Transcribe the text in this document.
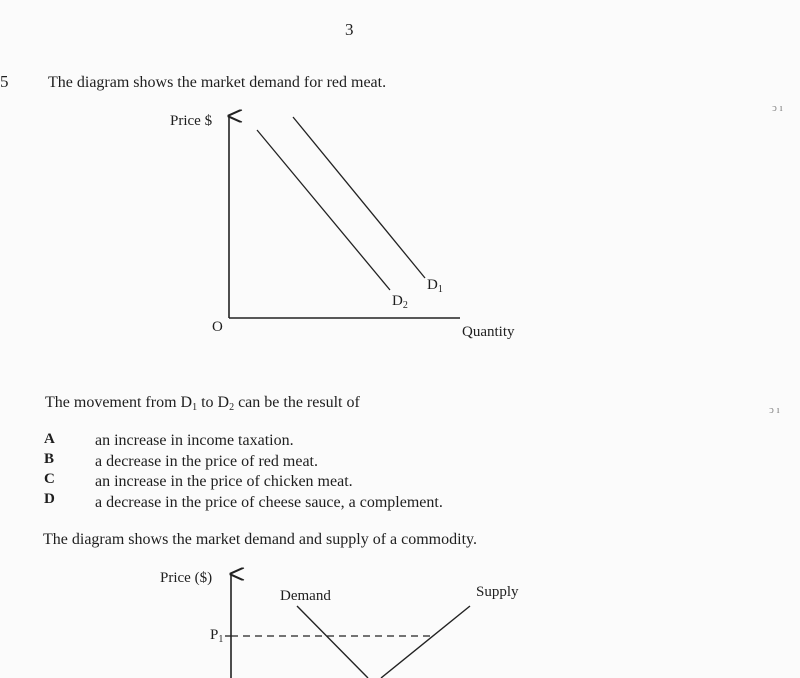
3
5 The diagram shows the market demand for red meat.
Price $
O	Quantity
$D_1$
$D_2$
The movement from $D_1$ to $D_2$ can be the result of
A	an increase in income taxation.
B	a decrease in the price of red meat.
C	an increase in the price of chicken meat.
D	a decrease in the price of cheese sauce, a complement.
The diagram shows the market demand and supply of a commodity.
Price ($)
Demand	Supply
$P_1$
ↄ ı
ↄ ı
